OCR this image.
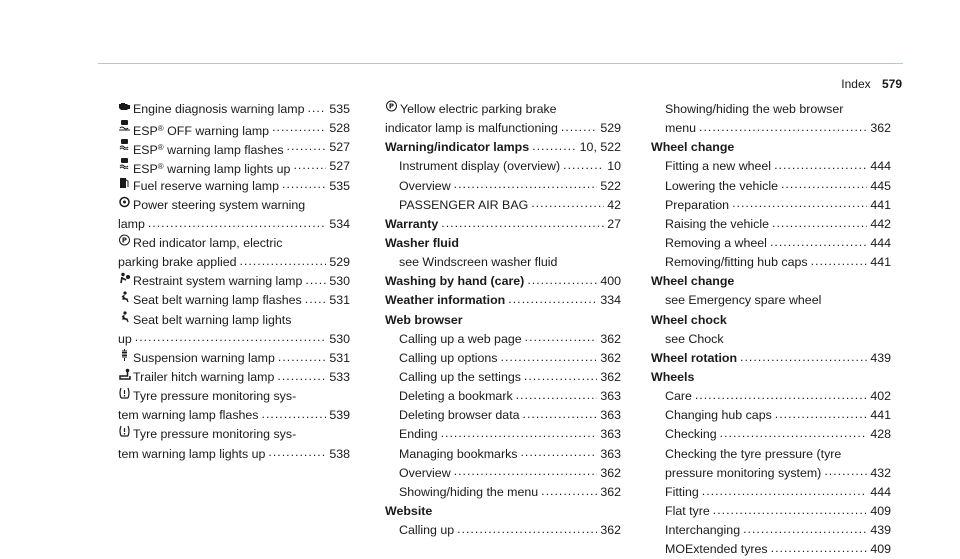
Index 579
Engine diagnosis warning lamp ..... 535
ESP® OFF warning lamp .....	528
ESP® warning lamp flashes .....	527
ESP® warning lamp lights up .....	527
Fuel reserve warning lamp .....	535
Power steering system warning
lamp .....	534
P Red indicator lamp, electric
parking brake applied .....	529
Restraint system warning lamp ..... 530
Seat belt warning lamp flashes ..... 531
Seat belt warning lamp lights
up .....	530
Suspension warning lamp .....	531
Trailer hitch warning lamp .....	533
Tyre pressure monitoring sys-
tem warning lamp flashes .....	539
Tyre pressure monitoring sys-
tem warning lamp lights up .....	538
P Yellow electric parking brake
indicator lamp is malfunctioning .....	529
Warning/indicator lamps .....	10, 522
Instrument display (overview) .....	10
Overview .....	522
PASSENGER AIR BAG .....	42
Warranty .....	27
Washer fluid
see Windscreen washer fluid
Washing by hand (care) .....	400
Weather information .....	334
Web browser
Calling up a web page .....	362
Calling up options .....	362
Calling up the settings .....	362
Deleting a bookmark .....	363
Deleting browser data .....	363
Ending .....	363
Managing bookmarks .....	363
Overview .....	362
Showing/hiding the menu .....	362
Website
Calling up .....	362
Showing/hiding the web browser
menu .....	362
Wheel change
Fitting a new wheel .....	444
Lowering the vehicle .....	445
Preparation .....	441
Raising the vehicle .....	442
Removing a wheel .....	444
Removing/fitting hub caps .....	441
Wheel change
see Emergency spare wheel
Wheel chock
see Chock
Wheel rotation .....	439
Wheels
Care .....	402
Changing hub caps .....	441
Checking .....	428
Checking the tyre pressure (tyre
pressure monitoring system) .....	432
Fitting .....	444
Flat tyre .....	409
Interchanging .....	439
MOExtended tyres .....	409
